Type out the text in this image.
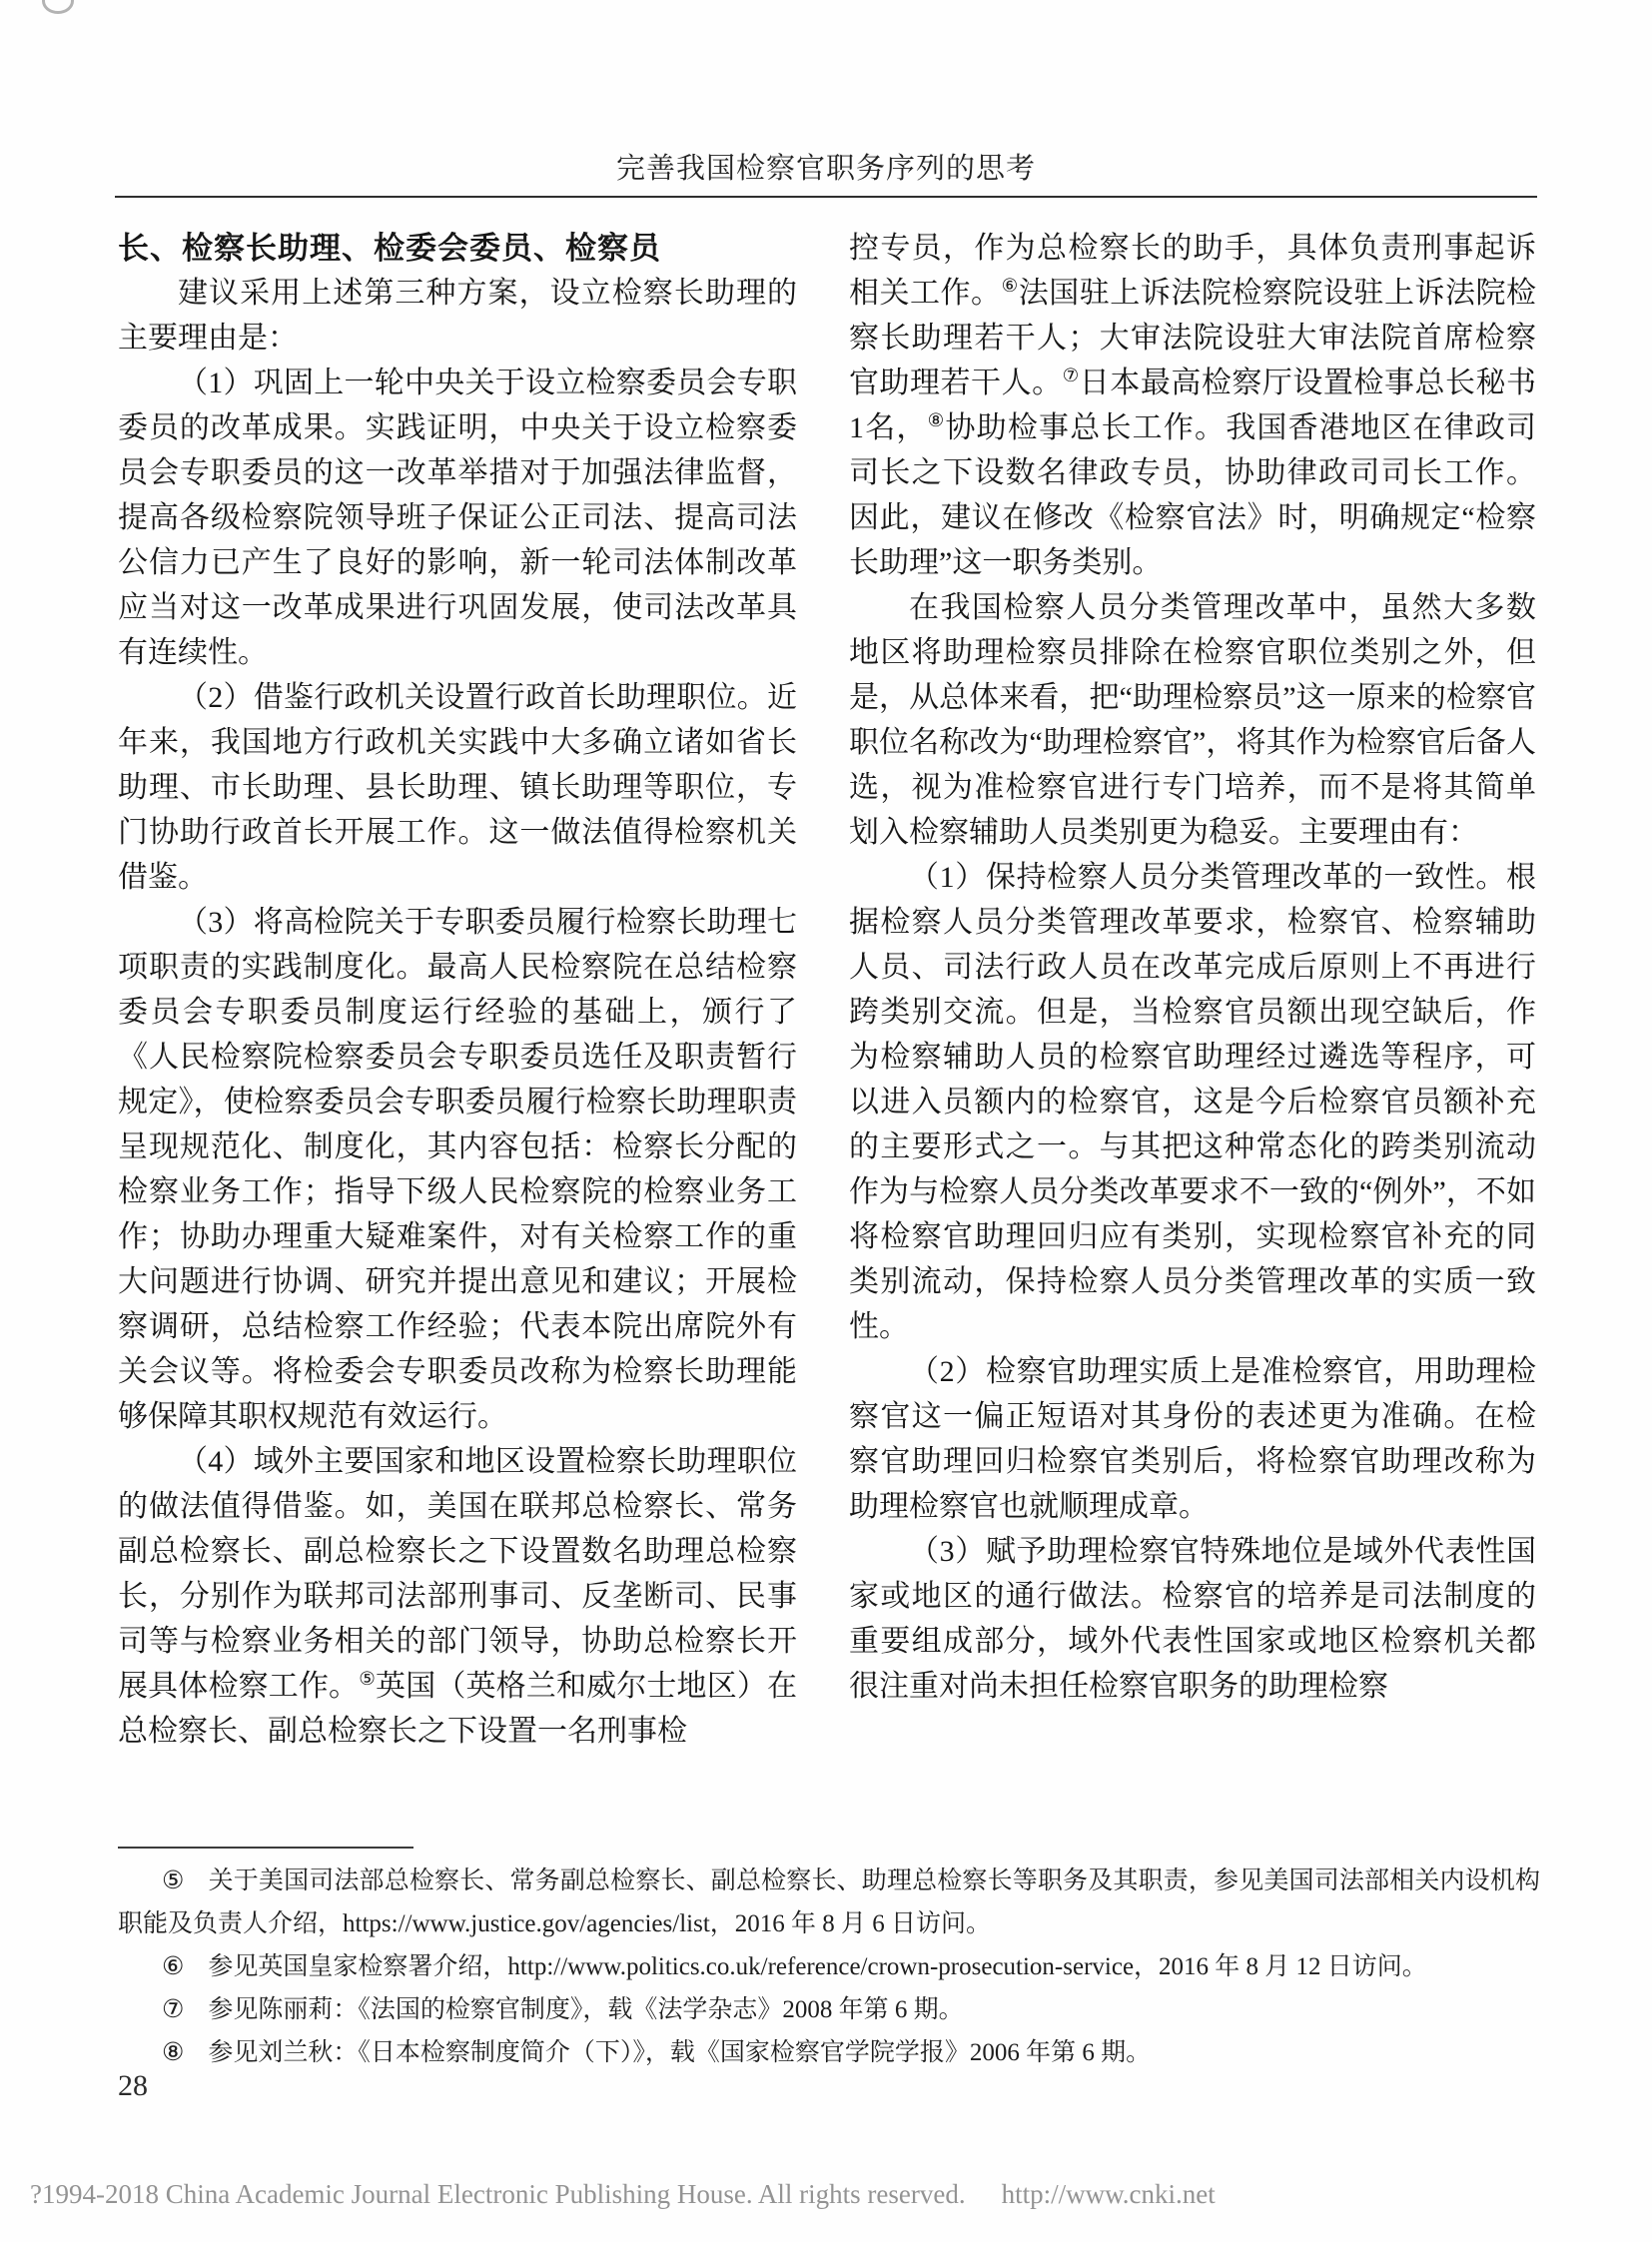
完善我国检察官职务序列的思考

长、检察长助理、检委会委员、检察员

建议采用上述第三种方案，设立检察长助理的主要理由是：

（1）巩固上一轮中央关于设立检察委员会专职委员的改革成果。实践证明，中央关于设立检察委员会专职委员的这一改革举措对于加强法律监督，提高各级检察院领导班子保证公正司法、提高司法公信力已产生了良好的影响，新一轮司法体制改革应当对这一改革成果进行巩固发展，使司法改革具有连续性。

（2）借鉴行政机关设置行政首长助理职位。近年来，我国地方行政机关实践中大多确立诸如省长助理、市长助理、县长助理、镇长助理等职位，专门协助行政首长开展工作。这一做法值得检察机关借鉴。

（3）将高检院关于专职委员履行检察长助理七项职责的实践制度化。最高人民检察院在总结检察委员会专职委员制度运行经验的基础上，颁行了《人民检察院检察委员会专职委员选任及职责暂行规定》，使检察委员会专职委员履行检察长助理职责呈现规范化、制度化，其内容包括：检察长分配的检察业务工作；指导下级人民检察院的检察业务工作；协助办理重大疑难案件，对有关检察工作的重大问题进行协调、研究并提出意见和建议；开展检察调研，总结检察工作经验；代表本院出席院外有关会议等。将检委会专职委员改称为检察长助理能够保障其职权规范有效运行。

（4）域外主要国家和地区设置检察长助理职位的做法值得借鉴。如，美国在联邦总检察长、常务副总检察长、副总检察长之下设置数名助理总检察长，分别作为联邦司法部刑事司、反垄断司、民事司等与检察业务相关的部门领导，协助总检察长开展具体检察工作。⑤英国（英格兰和威尔士地区）在总检察长、副总检察长之下设置一名刑事检

控专员，作为总检察长的助手，具体负责刑事起诉相关工作。⑥法国驻上诉法院检察院设驻上诉法院检察长助理若干人；大审法院设驻大审法院首席检察官助理若干人。⑦日本最高检察厅设置检事总长秘书1名，⑧协助检事总长工作。我国香港地区在律政司司长之下设数名律政专员，协助律政司司长工作。因此，建议在修改《检察官法》时，明确规定“检察长助理”这一职务类别。

在我国检察人员分类管理改革中，虽然大多数地区将助理检察员排除在检察官职位类别之外，但是，从总体来看，把“助理检察员”这一原来的检察官职位名称改为“助理检察官”，将其作为检察官后备人选，视为准检察官进行专门培养，而不是将其简单划入检察辅助人员类别更为稳妥。主要理由有：

（1）保持检察人员分类管理改革的一致性。根据检察人员分类管理改革要求，检察官、检察辅助人员、司法行政人员在改革完成后原则上不再进行跨类别交流。但是，当检察官员额出现空缺后，作为检察辅助人员的检察官助理经过遴选等程序，可以进入员额内的检察官，这是今后检察官员额补充的主要形式之一。与其把这种常态化的跨类别流动作为与检察人员分类改革要求不一致的“例外”，不如将检察官助理回归应有类别，实现检察官补充的同类别流动，保持检察人员分类管理改革的实质一致性。

（2）检察官助理实质上是准检察官，用助理检察官这一偏正短语对其身份的表述更为准确。在检察官助理回归检察官类别后，将检察官助理改称为助理检察官也就顺理成章。

（3）赋予助理检察官特殊地位是域外代表性国家或地区的通行做法。检察官的培养是司法制度的重要组成部分，域外代表性国家或地区检察机关都很注重对尚未担任检察官职务的助理检察

⑤ 关于美国司法部总检察长、常务副总检察长、副总检察长、助理总检察长等职务及其职责，参见美国司法部相关内设机构职能及负责人介绍，https://www.justice.gov/agencies/list，2016 年 8 月 6 日访问。

⑥ 参见英国皇家检察署介绍，http://www.politics.co.uk/reference/crown-prosecution-service，2016 年 8 月 12 日访问。

⑦ 参见陈丽莉：《法国的检察官制度》，载《法学杂志》2008 年第 6 期。

⑧ 参见刘兰秋：《日本检察制度简介（下）》，载《国家检察官学院学报》2006 年第 6 期。

28
?1994-2018 China Academic Journal Electronic Publishing House. All rights reserved. http://www.cnki.net
